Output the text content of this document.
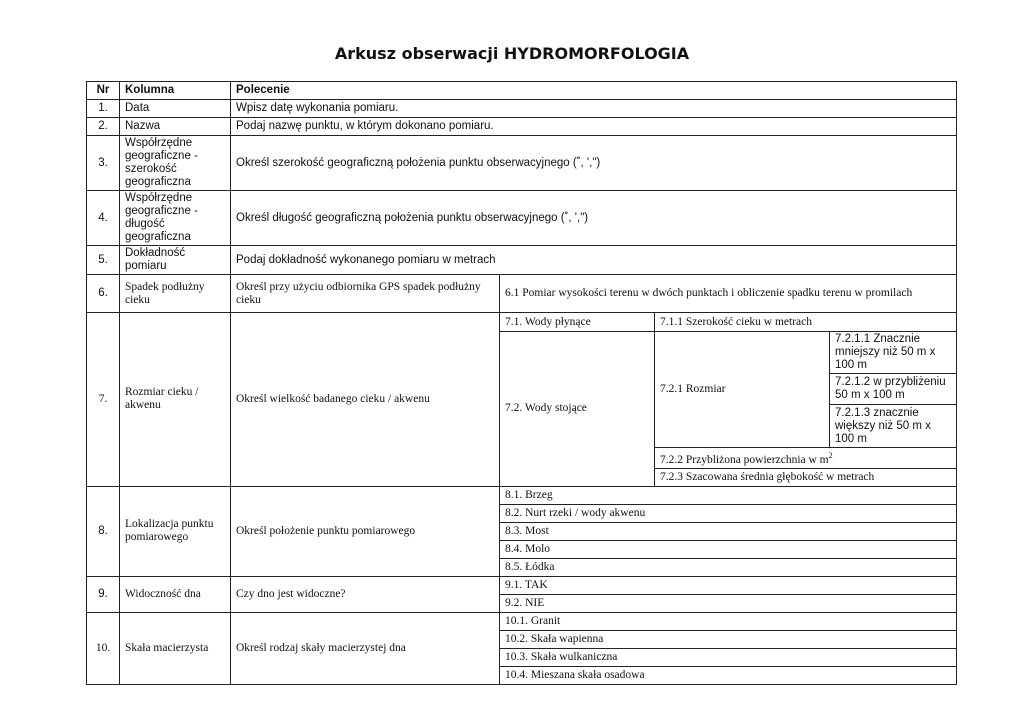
Arkusz obserwacji HYDROMORFOLOGIA
Nr	Kolumna	Polecenie			
1.	Data	Wpisz datę wykonania pomiaru.			
2.	Nazwa	Podaj nazwę punktu, w którym dokonano pomiaru.			
3.	Współrzędne geograficzne - szerokość geograficzna	Określ szerokość geograficzną położenia punktu obserwacyjnego (˚, ',")			
4.	Współrzędne geograficzne - długość geograficzna	Określ długość geograficzną położenia punktu obserwacyjnego (˚, ',")			
5.	Dokładność pomiaru	Podaj dokładność wykonanego pomiaru w metrach			
6.	Spadek podłużny cieku	Określ przy użyciu odbiornika GPS spadek podłużny cieku	6.1 Pomiar wysokości terenu w dwóch punktach i obliczenie spadku terenu w promilach		
7.	Rozmiar cieku / akwenu	Określ wielkość badanego cieku / akwenu	7.1. Wody płynące	7.1.1 Szerokość cieku w metrach	
			7.2. Wody stojące	7.2.1 Rozmiar	7.2.1.1 Znacznie mniejszy niż 50 m x 100 m
					7.2.1.2 w przybliżeniu 50 m x 100 m
					7.2.1.3 znacznie większy niż 50 m x 100 m

				7.2.2 Przybliżona powierzchnia w $m^2$
				7.2.3 Szacowana średnia głębokość w metrach	
8.	Lokalizacja punktu pomiarowego	Określ położenie punktu pomiarowego	8.1. Brzeg		
			8.2. Nurt rzeki / wody akwenu		
			8.3. Most		
			8.4. Molo		
			8.5. Łódka		
9.	Widoczność dna	Czy dno jest widoczne?	9.1. TAK		
			9.2. NIE		
10.	Skała macierzysta	Określ rodzaj skały macierzystej dna	10.1. Granit		
			10.2. Skała wapienna		
			10.3. Skała wulkaniczna		
			10.4. Mieszana skała osadowa		
